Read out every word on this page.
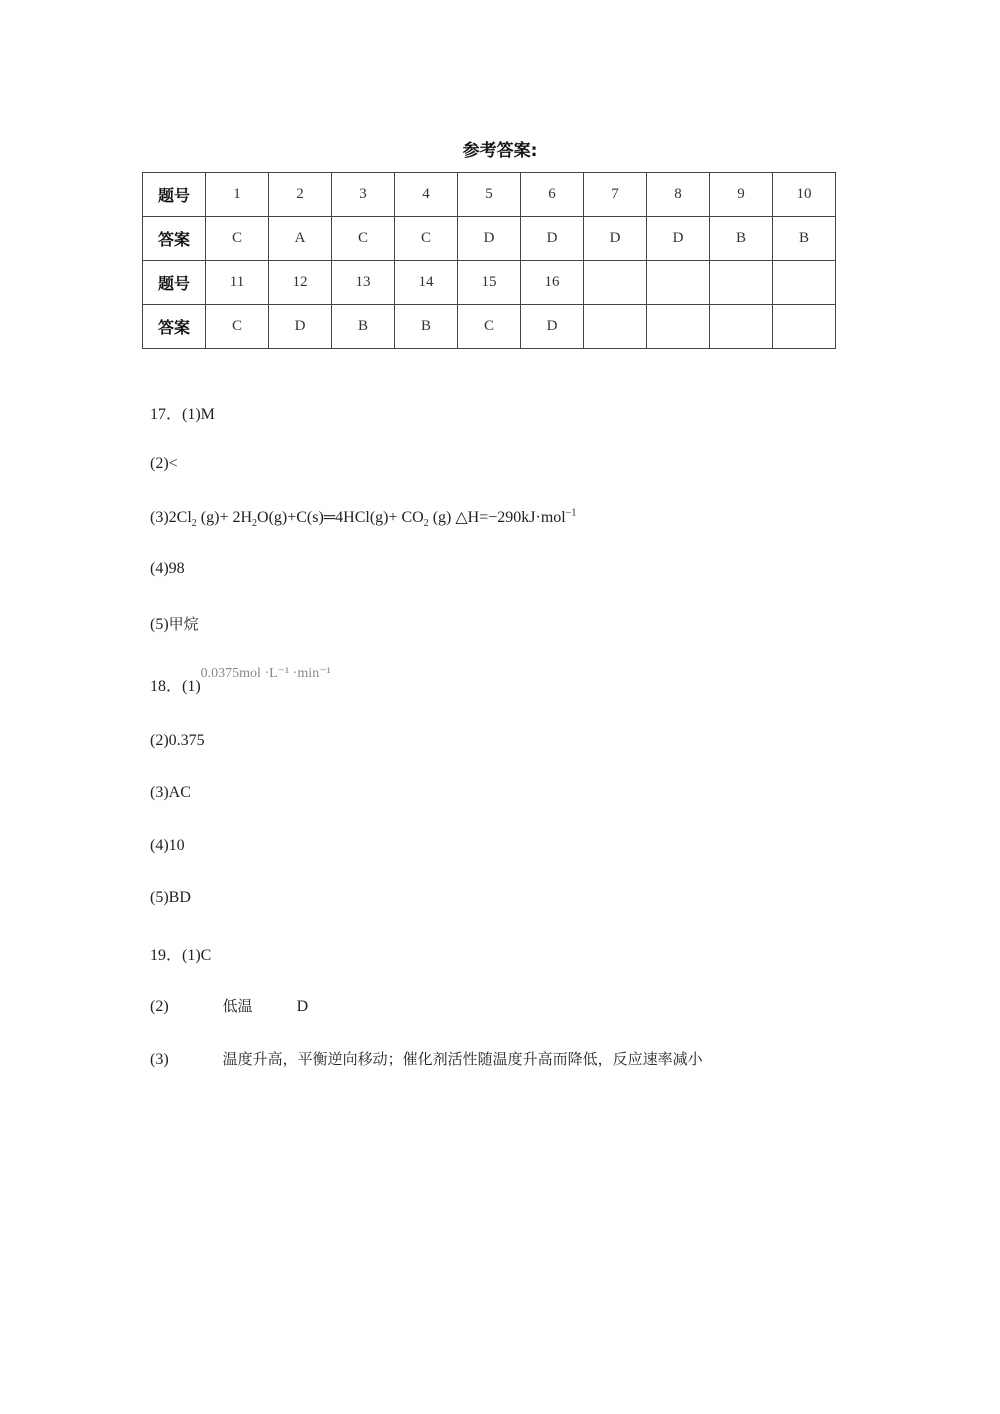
参考答案:
题号	1	2	3	4	5	6	7	8	9	10
答案	C	A	C	C	D	D	D	D	B	B
题号	11	12	13	14	15	16				
答案	C	D	B	B	C	D				
17．(1)M
(2)<
$(3)2Cl_2$ $(g)+ 2H_2O(g)+C(s)═4HCl(g)+ CO_2$ (g) △H=−290kJ·mol$^{-1}$
(4)98
(5)甲烷
18．(1)0.0375mol ·L⁻¹ ·min⁻¹
(2)0.375
(3)AC
(4)10
(5)BD
19．(1)C
(2)	低温	D
(3)	温度升高，平衡逆向移动；催化剂活性随温度升高而降低，反应速率减小
